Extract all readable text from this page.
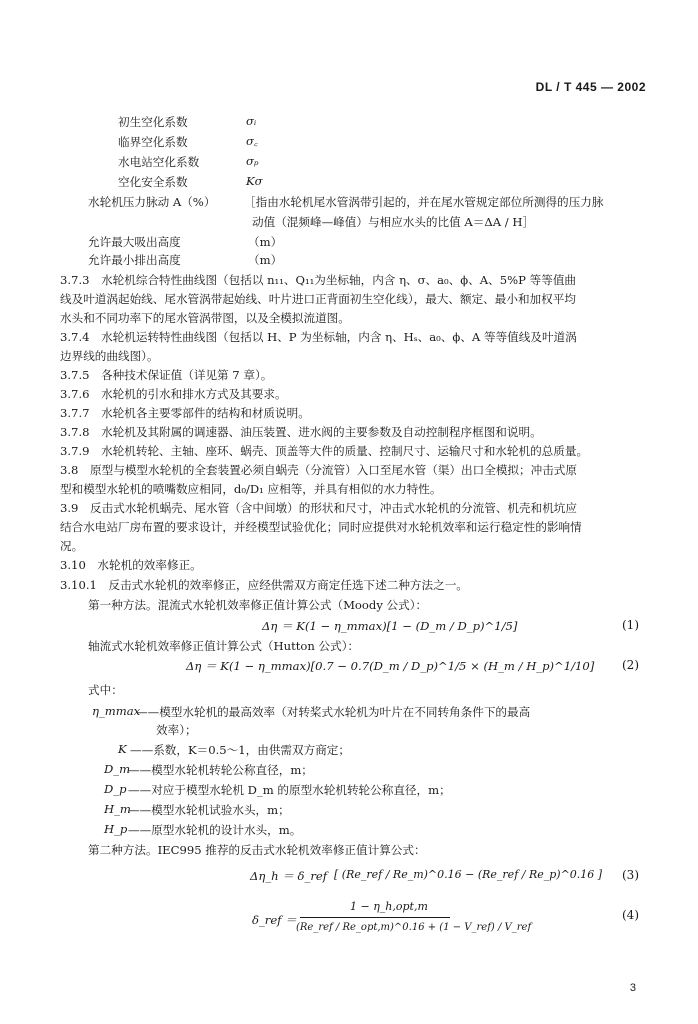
DL / T 445 — 2002
初生空化系数	σᵢ
临界空化系数	σ꜀
水电站空化系数	σₚ
空化安全系数	Kσ
水轮机压力脉动 A（%） ［指由水轮机尾水管涡带引起的，并在尾水管规定部位所测得的压力脉
动值（混频峰—峰值）与相应水头的比值 A＝ΔA / H］
允许最大吸出高度	（m）
允许最小排出高度	（m）
3.7.3　水轮机综合特性曲线图（包括以 n₁₁、Q₁₁为坐标轴，内含 η、σ、a₀、ϕ、A、5%P 等等值曲
线及叶道涡起始线、尾水管涡带起始线、叶片进口正背面初生空化线），最大、额定、最小和加权平均
水头和不同功率下的尾水管涡带图，以及全模拟流道图。
3.7.4　水轮机运转特性曲线图（包括以 H、P 为坐标轴，内含 η、Hₛ、a₀、ϕ、A 等等值线及叶道涡
边界线的曲线图）。
3.7.5　各种技术保证值（详见第 7 章）。
3.7.6　水轮机的引水和排水方式及其要求。
3.7.7　水轮机各主要零部件的结构和材质说明。
3.7.8　水轮机及其附属的调速器、油压装置、进水阀的主要参数及自动控制程序框图和说明。
3.7.9　水轮机转轮、主轴、座环、蜗壳、顶盖等大件的质量、控制尺寸、运输尺寸和水轮机的总质量。
3.8　原型与模型水轮机的全套装置必须自蜗壳（分流管）入口至尾水管（渠）出口全模拟；冲击式原
型和模型水轮机的喷嘴数应相同，d₀/D₁ 应相等，并具有相似的水力特性。
3.9　反击式水轮机蜗壳、尾水管（含中间墩）的形状和尺寸，冲击式水轮机的分流管、机壳和机坑应
结合水电站厂房布置的要求设计，并经模型试验优化；同时应提供对水轮机效率和运行稳定性的影响情
况。
3.10　水轮机的效率修正。
3.10.1　反击式水轮机的效率修正，应经供需双方商定任选下述二种方法之一。
第一种方法。混流式水轮机效率修正值计算公式（Moody 公式）：
Δη ＝ K(1 − η_mmax)[1 − (D_m / D_p)^1/5]	(1)
轴流式水轮机效率修正值计算公式（Hutton 公式）：
Δη ＝ K(1 − η_mmax)[0.7 − 0.7(D_m / D_p)^1/5 × (H_m / H_p)^1/10] (2)
式中：
η_mmax
——模型水轮机的最高效率（对转桨式水轮机为叶片在不同转角条件下的最高
效率）；
K ——系数，K＝0.5～1，由供需双方商定；
D_m
——模型水轮机转轮公称直径，m；
D_p ——对应于模型水轮机 D_m 的原型水轮机转轮公称直径，m；
H_m
——模型水轮机试验水头，m；
H_p ——原型水轮机的设计水头，m。
第二种方法。IEC995 推荐的反击式水轮机效率修正值计算公式：
Δη_h ＝ δ_ref [ (Re_ref / Re_m)^0.16 − (Re_ref / Re_p)^0.16 ] (3)
δ_ref ＝
1 − η_h,opt,m
(Re_ref / Re_opt,m)^0.16 + (1 − V_ref) / V_ref
(4)
3
